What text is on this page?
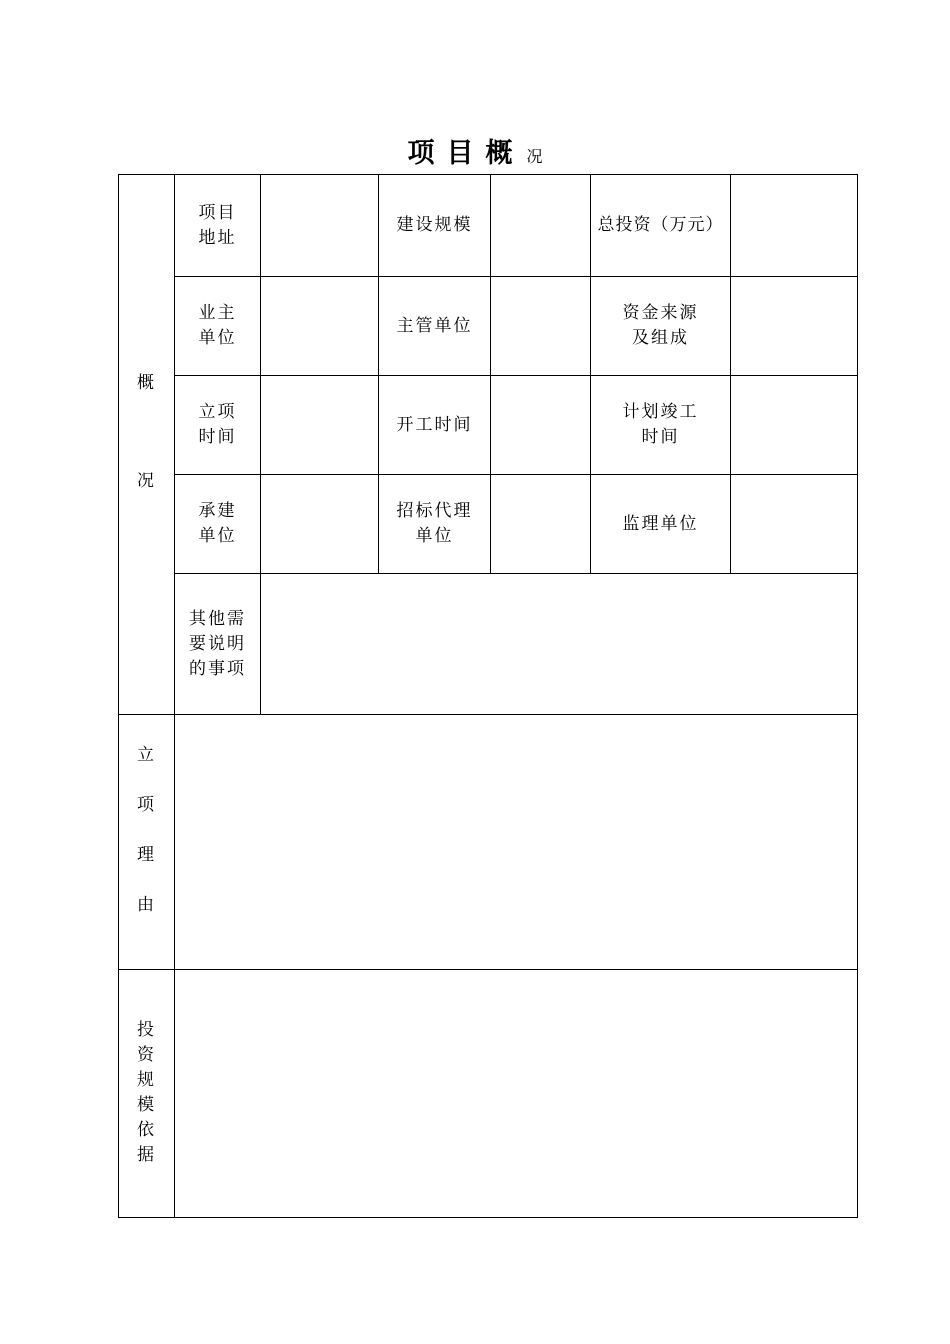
项目概 况
概
况
项目
地址
建设规模	总投资（万元）
业主
单位
主管单位
资金来源
及组成
立项
时间
开工时间
计划竣工
时间
承建
单位
招标代理
单位
监理单位
其他需
要说明
的事项
立
项
理
由
投
资
规
模
依
据
